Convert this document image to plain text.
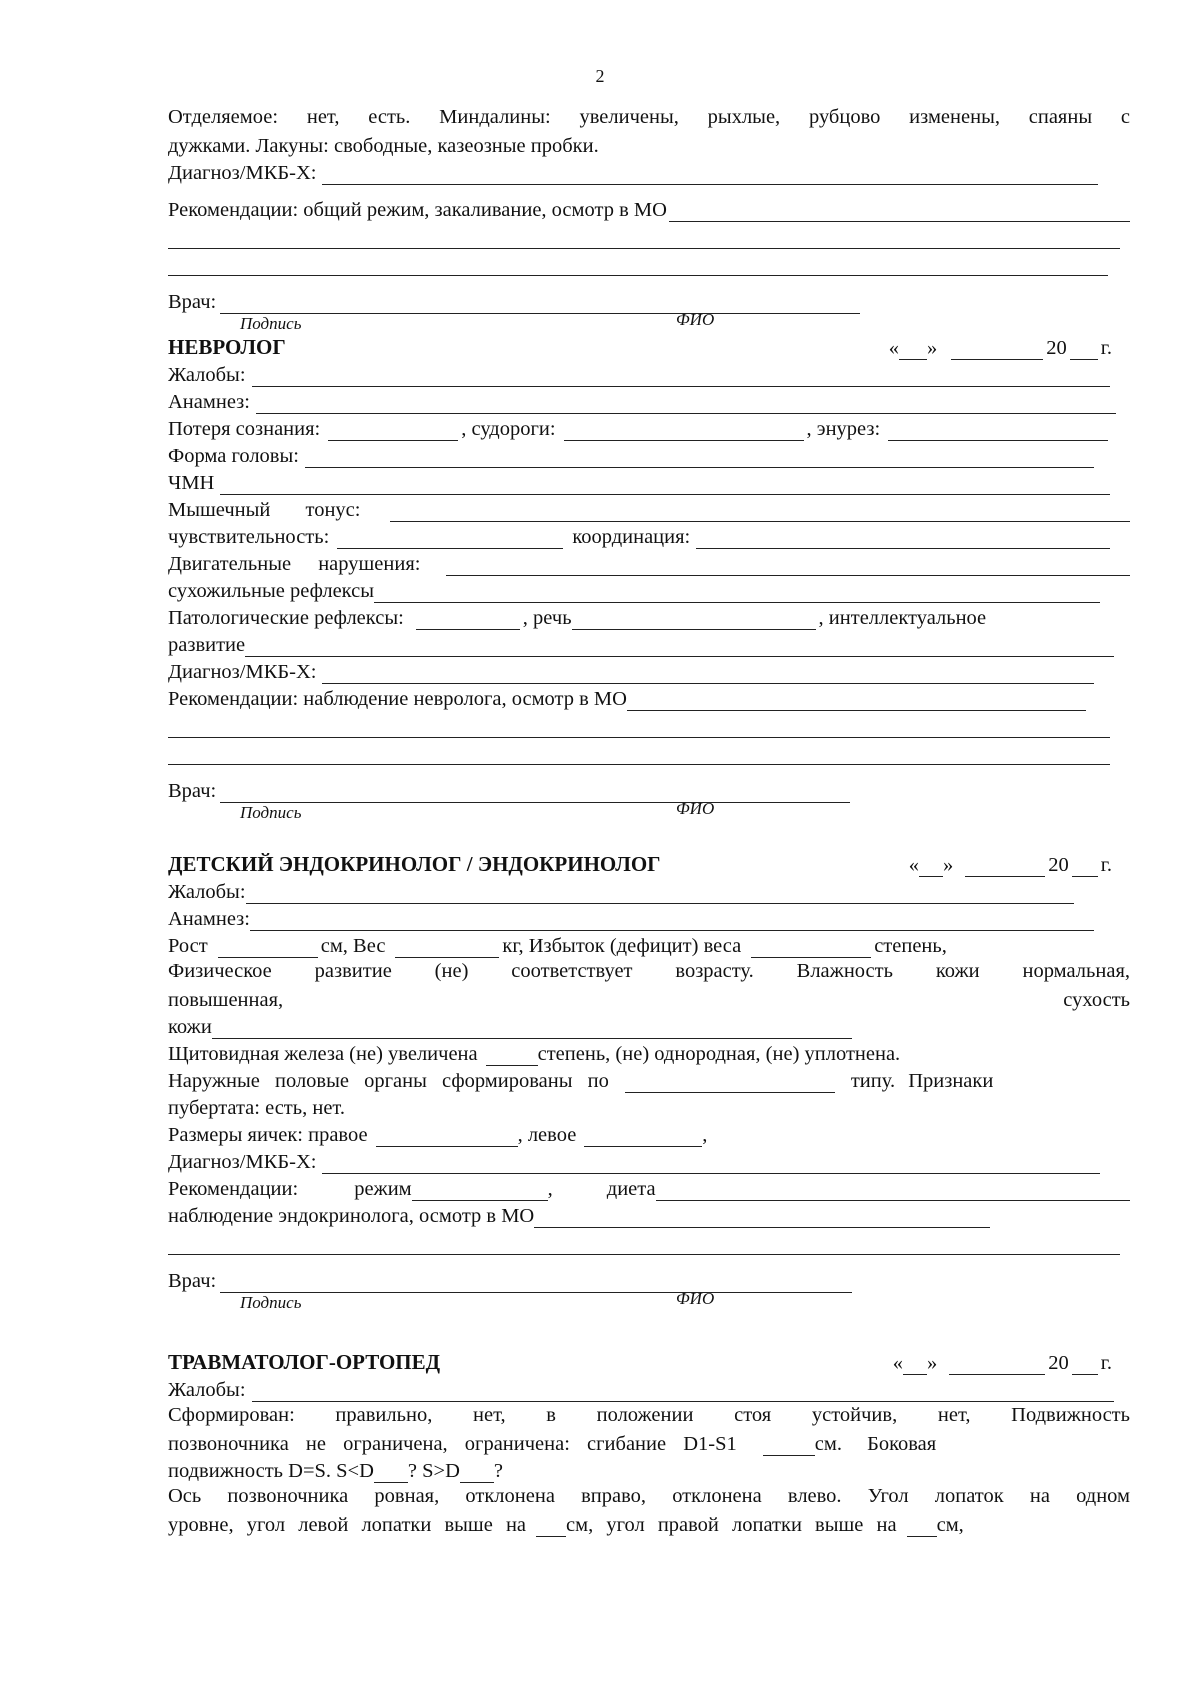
2
Отделяемое: нет, есть. Миндалины: увеличены, рыхлые, рубцово изменены, спаяны с
дужками. Лакуны: свободные, казеозные пробки.
Диагноз/МКБ-Х:
Рекомендации: общий режим, закаливание, осмотр в МО
Врач:
Подпись	ФИО
НЕВРОЛОГ	« »	20 г.
Жалобы:
Анамнез:
Потеря сознания:	, судороги:	, энурез:
Форма головы:
ЧМН
Мышечный тонус:
чувствительность:	координация:
Двигательные нарушения:
сухожильные рефлексы
Патологические рефлексы:	, речь	, интеллектуальное
развитие
Диагноз/МКБ-Х:
Рекомендации: наблюдение невролога, осмотр в МО
Врач:
Подпись	ФИО
ДЕТСКИЙ ЭНДОКРИНОЛОГ / ЭНДОКРИНОЛОГ	« »	20 г.
Жалобы:
Анамнез:
Рост	см, Вес	кг, Избыток (дефицит) веса	степень,
Физическое развитие (не) соответствует возрасту. Влажность кожи нормальная,
повышенная,	сухость
кожи
Щитовидная железа (не) увеличена	степень, (не) однородная, (не) уплотнена.
Наружные половые органы сформированы по	типу. Признаки
пубертата: есть, нет.
Размеры яичек: правое	, левое	,
Диагноз/МКБ-Х:
Рекомендации:	режим	,	диета
наблюдение эндокринолога, осмотр в МО
Врач:
Подпись	ФИО
ТРАВМАТОЛОГ-ОРТОПЕД	« »	20 г.
Жалобы:
Сформирован: правильно, нет, в положении стоя устойчив, нет, Подвижность
позвоночника не ограничена, ограничена: сгибание D1-S1	см. Боковая
подвижность D=S. S<D ? S>D ?
Ось позвоночника ровная, отклонена вправо, отклонена влево. Угол лопаток на одном
уровне, угол левой лопатки выше на см, угол правой лопатки выше на см,
